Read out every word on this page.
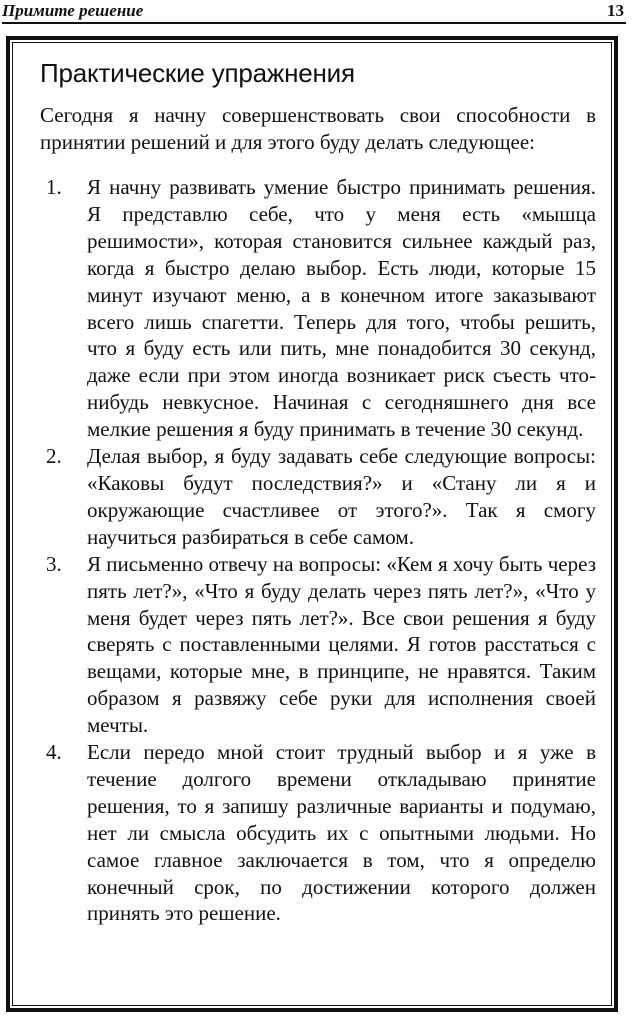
Примите решение	13
Практические упражнения

Сегодня я начну совершенствовать свои способности в принятии решений и для этого буду делать следующее:

1. Я начну развивать умение быстро принимать решения. Я представлю себе, что у меня есть «мышца решимости», которая становится сильнее каждый раз, когда я быстро делаю выбор. Есть люди, которые 15 минут изучают меню, а в конечном итоге заказывают всего лишь спагетти. Теперь для того, чтобы решить, что я буду есть или пить, мне понадобится 30 секунд, даже если при этом иногда возникает риск съесть что-нибудь невкусное. Начиная с сегодняшнего дня все мелкие решения я буду принимать в течение 30 секунд.
2. Делая выбор, я буду задавать себе следующие вопросы: «Каковы будут последствия?» и «Стану ли я и окружающие счастливее от этого?». Так я смогу научиться разбираться в себе самом.
3. Я письменно отвечу на вопросы: «Кем я хочу быть через пять лет?», «Что я буду делать через пять лет?», «Что у меня будет через пять лет?». Все свои решения я буду сверять с поставленными целями. Я готов расстаться с вещами, которые мне, в принципе, не нравятся. Таким образом я развяжу себе руки для исполнения своей мечты.
4. Если передо мной стоит трудный выбор и я уже в течение долгого времени откладываю принятие решения, то я запишу различные варианты и подумаю, нет ли смысла обсудить их с опытными людьми. Но самое главное заключается в том, что я определю конечный срок, по достижении которого должен принять это решение.
